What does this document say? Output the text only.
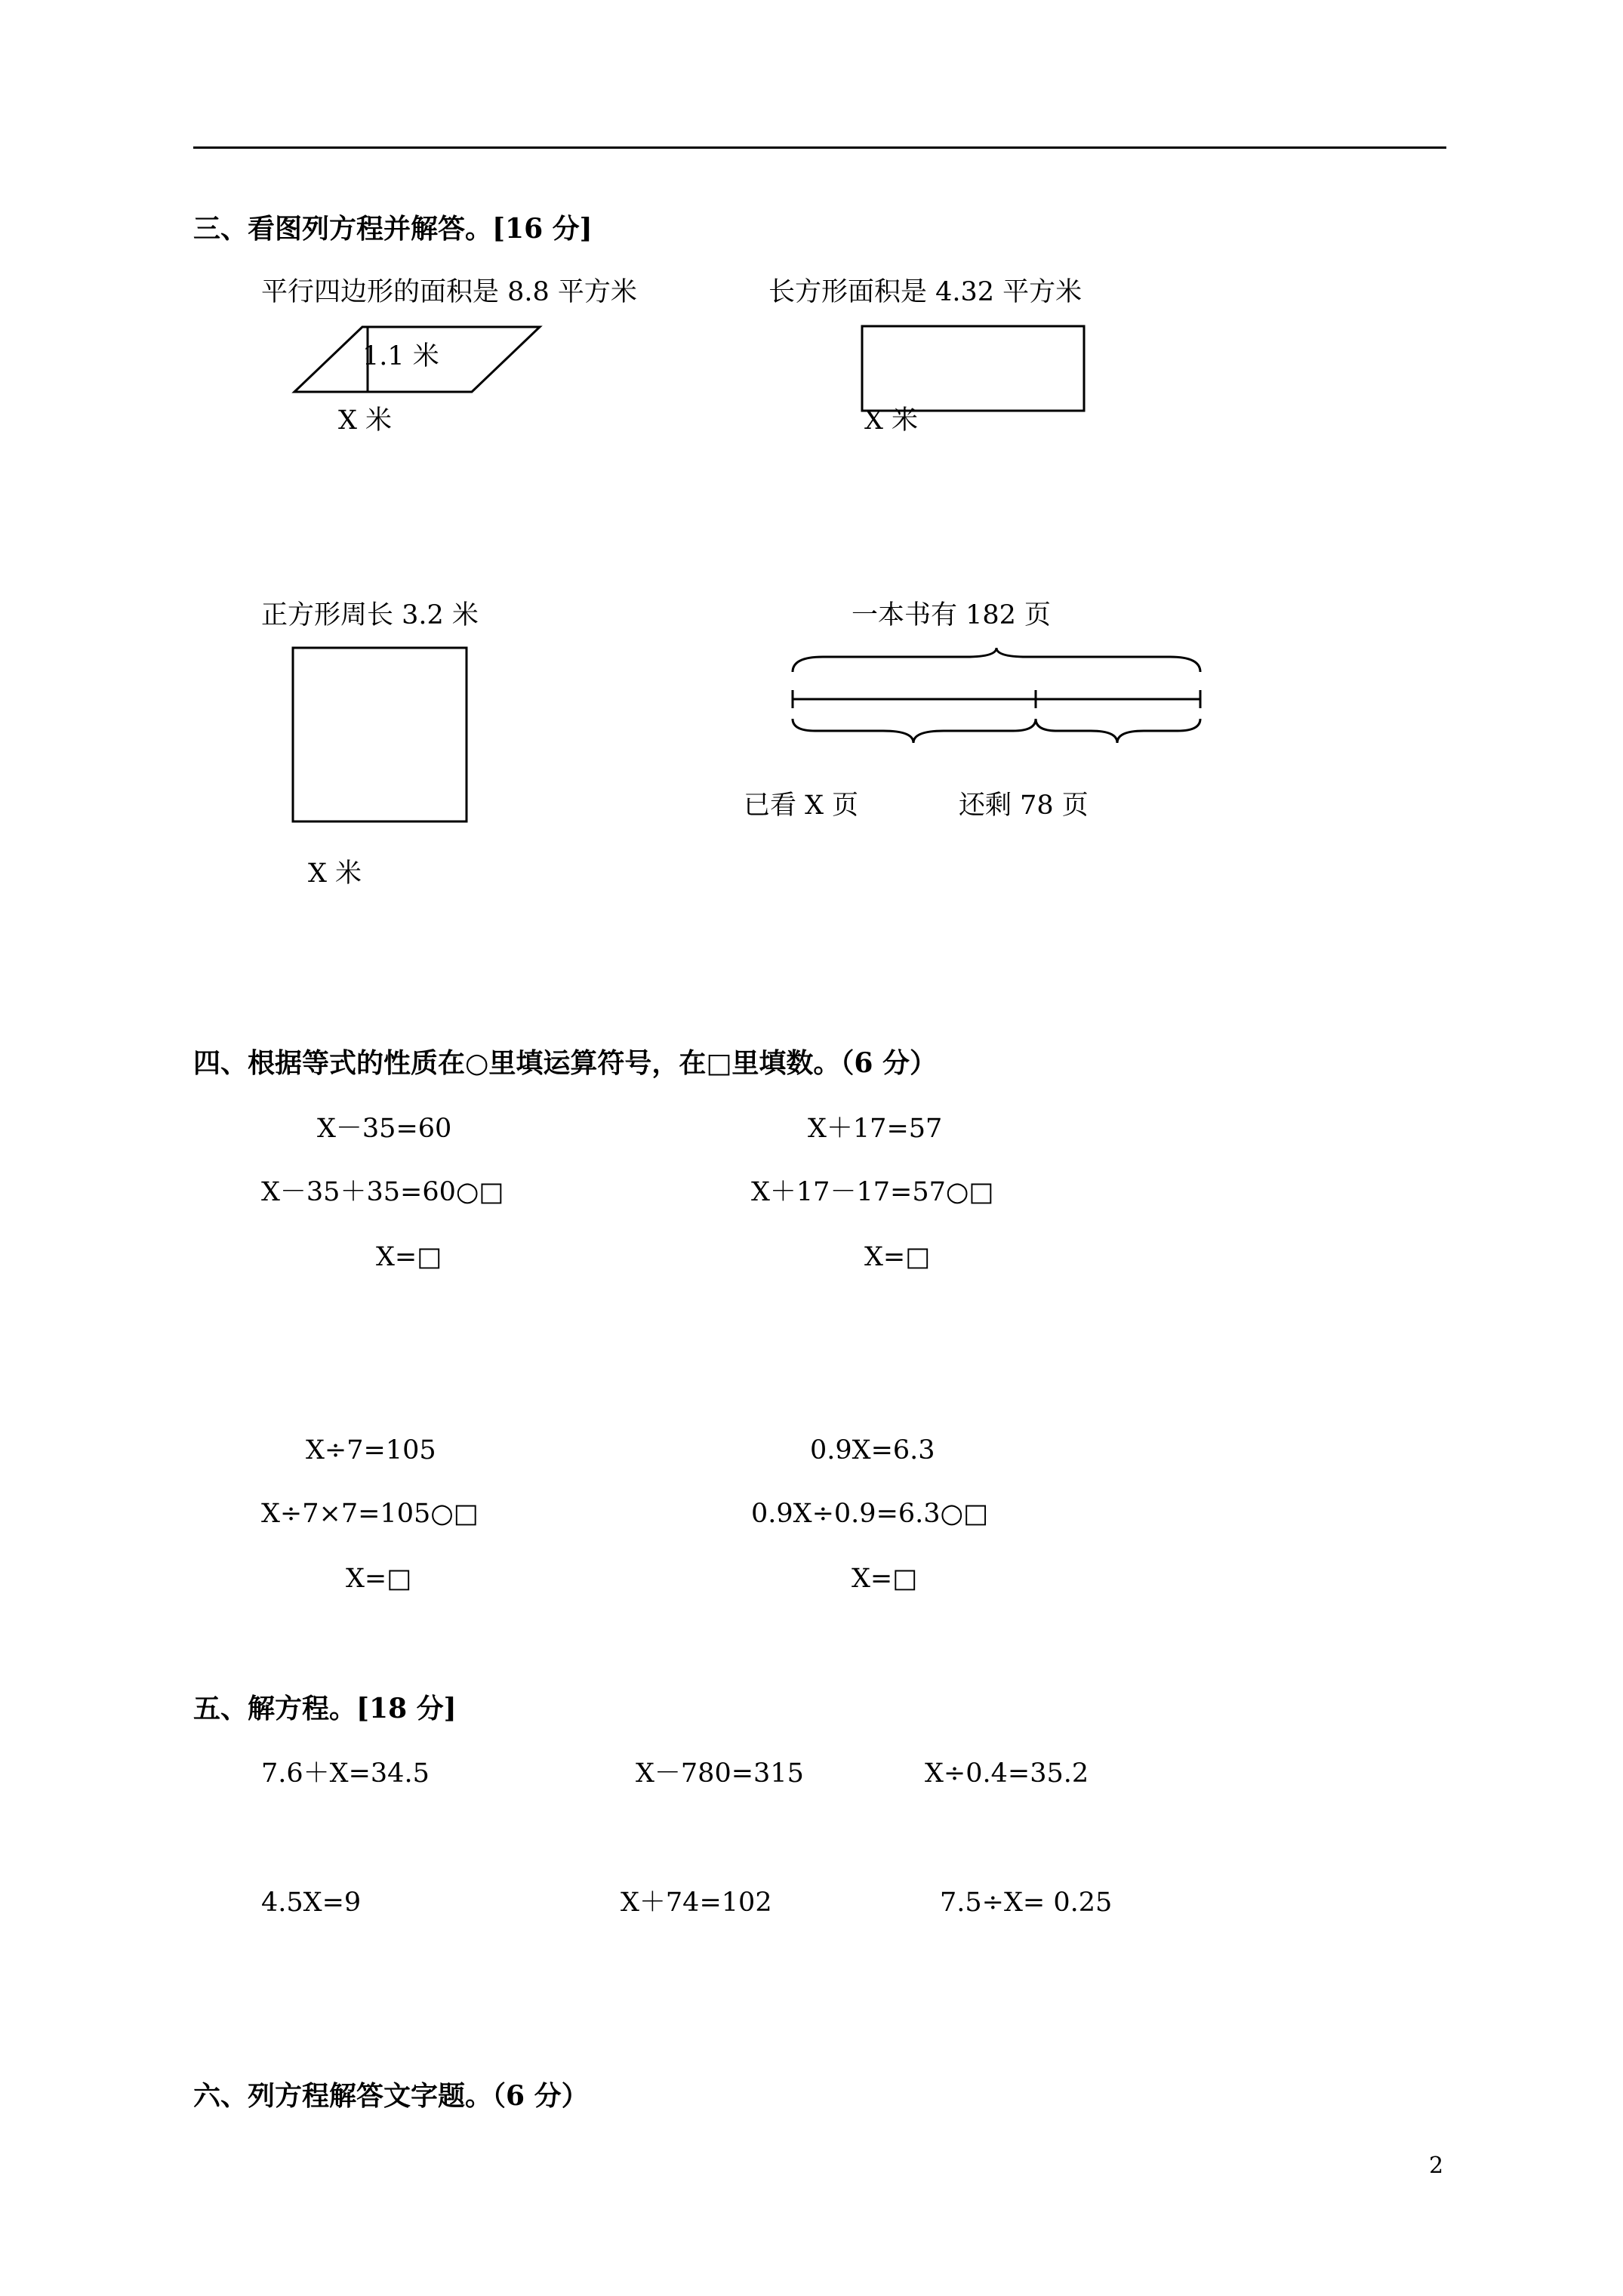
三、看图列方程并解答。[16 分]
平行四边形的面积是 8.8 平方米
1.1 米
X 米
长方形面积是 4.32 平方米
X 米
正方形周长 3.2 米
X 米
一本书有 182 页
已看 X 页	还剩 78 页
四、根据等式的性质在○里填运算符号，在□里填数。（6 分）
X－35=60
X－35＋35=60○□
X=□
X＋17=57
X＋17－17=57○□
X=□
X÷7=105
X÷7×7=105○□
X=□
0.9X=6.3
0.9X÷0.9=6.3○□
X=□
五、解方程。[18 分]
7.6＋X=34.5	X－780=315	X÷0.4=35.2
4.5X=9	X＋74=102	7.5÷X= 0.25
六、列方程解答文字题。（6 分）
2
